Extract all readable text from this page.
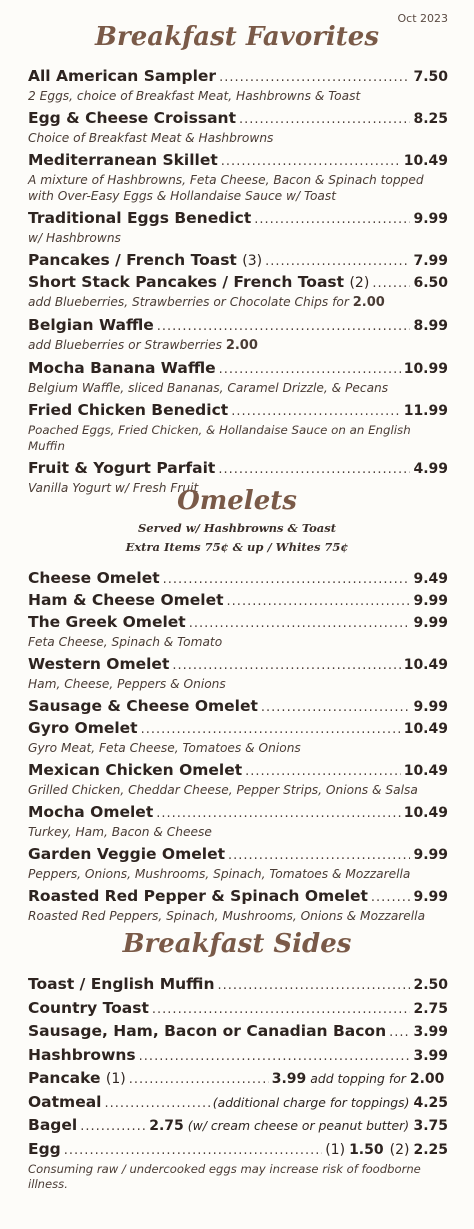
Oct 2023
Breakfast Favorites
All American Sampler .....	7.50
2 Eggs, choice of Breakfast Meat, Hashbrowns & Toast
Egg & Cheese Croissant .....	8.25
Choice of Breakfast Meat & Hashbrowns
Mediterranean Skillet .....	10.49
A mixture of Hashbrowns, Feta Cheese, Bacon & Spinach topped with Over-Easy Eggs & Hollandaise Sauce w/ Toast
Traditional Eggs Benedict .....	9.99
w/ Hashbrowns
Pancakes / French Toast (3) .....	7.99
Short Stack Pancakes / French Toast (2) .....	6.50
add Blueberries, Strawberries or Chocolate Chips for 2.00
Belgian Waffle .....	8.99
add Blueberries or Strawberries 2.00
Mocha Banana Waffle .....	10.99
Belgium Waffle, sliced Bananas, Caramel Drizzle, & Pecans
Fried Chicken Benedict .....	11.99
Poached Eggs, Fried Chicken, & Hollandaise Sauce on an English Muffin
Fruit & Yogurt Parfait .....	4.99
Vanilla Yogurt w/ Fresh Fruit
Omelets
Served w/ Hashbrowns & Toast
Extra Items 75¢ & up / Whites 75¢
Cheese Omelet .....	9.49
Ham & Cheese Omelet .....	9.99
The Greek Omelet .....	9.99
Feta Cheese, Spinach & Tomato
Western Omelet .....	10.49
Ham, Cheese, Peppers & Onions
Sausage & Cheese Omelet .....	9.99
Gyro Omelet .....	10.49
Gyro Meat, Feta Cheese, Tomatoes & Onions
Mexican Chicken Omelet .....	10.49
Grilled Chicken, Cheddar Cheese, Pepper Strips, Onions & Salsa
Mocha Omelet .....	10.49
Turkey, Ham, Bacon & Cheese
Garden Veggie Omelet .....	9.99
Peppers, Onions, Mushrooms, Spinach, Tomatoes & Mozzarella
Roasted Red Pepper & Spinach Omelet .....	9.99
Roasted Red Peppers, Spinach, Mushrooms, Onions & Mozzarella
Breakfast Sides
Toast / English Muffin .....	2.50
Country Toast .....	2.75
Sausage, Ham, Bacon or Canadian Bacon ..... 3.99
Hashbrowns .....	3.99
Pancake (1) .....	3.99 add topping for 2.00
Oatmeal .....	(additional charge for toppings) 4.25
Bagel .....	2.75 (w/ cream cheese or peanut butter) 3.75
Egg .....	(1) 1.50 (2) 2.25
Consuming raw / undercooked eggs may increase risk of foodborne illness.
